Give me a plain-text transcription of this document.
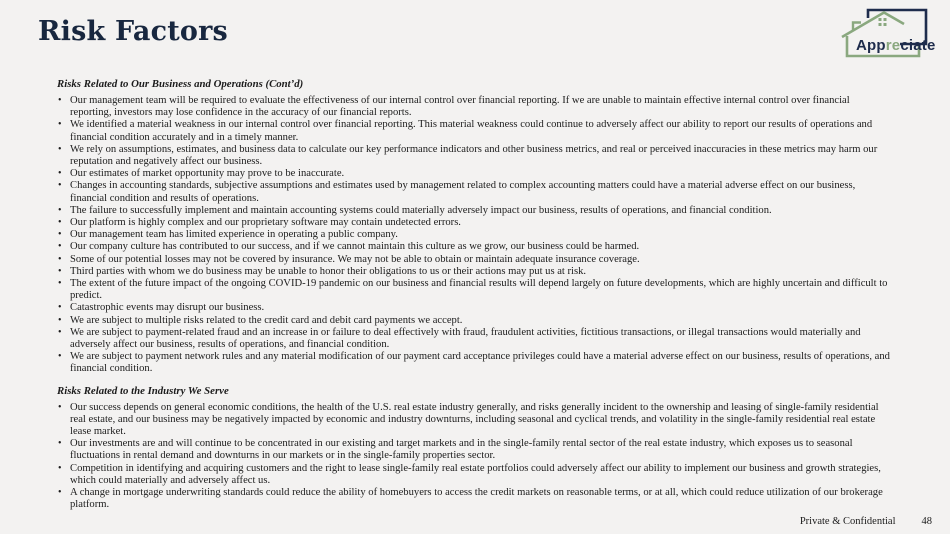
Risk Factors	Appreciate
Risks Related to Our Business and Operations (Cont’d)
• Our management team will be required to evaluate the effectiveness of our internal control over financial reporting. If we are unable to maintain effective internal control over financial reporting, investors may lose confidence in the accuracy of our financial reports.
• We identified a material weakness in our internal control over financial reporting. This material weakness could continue to adversely affect our ability to report our results of operations and financial condition accurately and in a timely manner.
• We rely on assumptions, estimates, and business data to calculate our key performance indicators and other business metrics, and real or perceived inaccuracies in these metrics may harm our reputation and negatively affect our business.
• Our estimates of market opportunity may prove to be inaccurate.
• Changes in accounting standards, subjective assumptions and estimates used by management related to complex accounting matters could have a material adverse effect on our business, financial condition and results of operations.
• The failure to successfully implement and maintain accounting systems could materially adversely impact our business, results of operations, and financial condition.
• Our platform is highly complex and our proprietary software may contain undetected errors.
• Our management team has limited experience in operating a public company.
• Our company culture has contributed to our success, and if we cannot maintain this culture as we grow, our business could be harmed.
• Some of our potential losses may not be covered by insurance. We may not be able to obtain or maintain adequate insurance coverage.
• Third parties with whom we do business may be unable to honor their obligations to us or their actions may put us at risk.
• The extent of the future impact of the ongoing COVID-19 pandemic on our business and financial results will depend largely on future developments, which are highly uncertain and difficult to predict.
• Catastrophic events may disrupt our business.
• We are subject to multiple risks related to the credit card and debit card payments we accept.
• We are subject to payment-related fraud and an increase in or failure to deal effectively with fraud, fraudulent activities, fictitious transactions, or illegal transactions would materially and adversely affect our business, results of operations, and financial condition.
• We are subject to payment network rules and any material modification of our payment card acceptance privileges could have a material adverse effect on our business, results of operations, and financial condition.
Risks Related to the Industry We Serve
• Our success depends on general economic conditions, the health of the U.S. real estate industry generally, and risks generally incident to the ownership and leasing of single-family residential real estate, and our business may be negatively impacted by economic and industry downturns, including seasonal and cyclical trends, and volatility in the single-family residential real estate lease market.
• Our investments are and will continue to be concentrated in our existing and target markets and in the single-family rental sector of the real estate industry, which exposes us to seasonal fluctuations in rental demand and downturns in our markets or in the single-family properties sector.
• Competition in identifying and acquiring customers and the right to lease single-family real estate portfolios could adversely affect our ability to implement our business and growth strategies, which could materially and adversely affect us.
• A change in mortgage underwriting standards could reduce the ability of homebuyers to access the credit markets on reasonable terms, or at all, which could reduce utilization of our brokerage platform.
Private & Confidential 48
